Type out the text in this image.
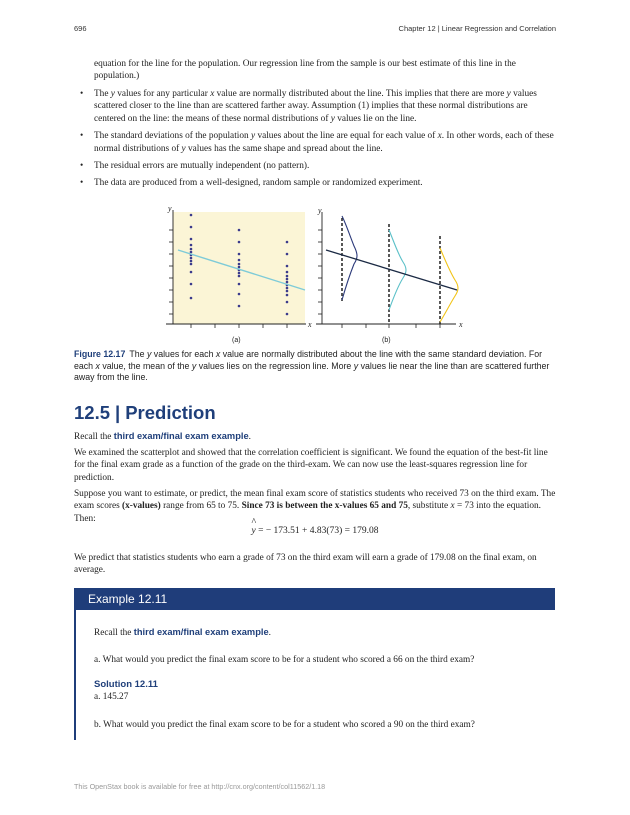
696	Chapter 12 | Linear Regression and Correlation

equation for the line for the population. Our regression line from the sample is our best estimate of this line in the population.)

• The y values for any particular x value are normally distributed about the line. This implies that there are more y values scattered closer to the line than are scattered farther away. Assumption (1) implies that these normal distributions are centered on the line: the means of these normal distributions of y values lie on the line.
• The standard deviations of the population y values about the line are equal for each value of x. In other words, each of these normal distributions of y values has the same shape and spread about the line.
• The residual errors are mutually independent (no pattern).
• The data are produced from a well-designed, random sample or randomized experiment.
y
x
(a)
y
x
(b)

Figure 12.17 The y values for each x value are normally distributed about the line with the same standard deviation. For each x value, the mean of the y values lies on the regression line. More y values lie near the line than are scattered further away from the line.

12.5 | Prediction

Recall the third exam/final exam example.

We examined the scatterplot and showed that the correlation coefficient is significant. We found the equation of the best-fit line for the final exam grade as a function of the grade on the third-exam. We can now use the least-squares regression line for prediction.

Suppose you want to estimate, or predict, the mean final exam score of statistics students who received 73 on the third exam. The exam scores (x-values) range from 65 to 75. Since 73 is between the x-values 65 and 75, substitute x = 73 into the equation. Then:	^
y = − 173.51 + 4.83(73) = 179.08

We predict that statistics students who earn a grade of 73 on the third exam will earn a grade of 179.08 on the final exam, on average.

Example 12.11

Recall the third exam/final exam example.

a. What would you predict the final exam score to be for a student who scored a 66 on the third exam?

Solution 12.11

a. 145.27

b. What would you predict the final exam score to be for a student who scored a 90 on the third exam?

This OpenStax book is available for free at http://cnx.org/content/col11562/1.18
